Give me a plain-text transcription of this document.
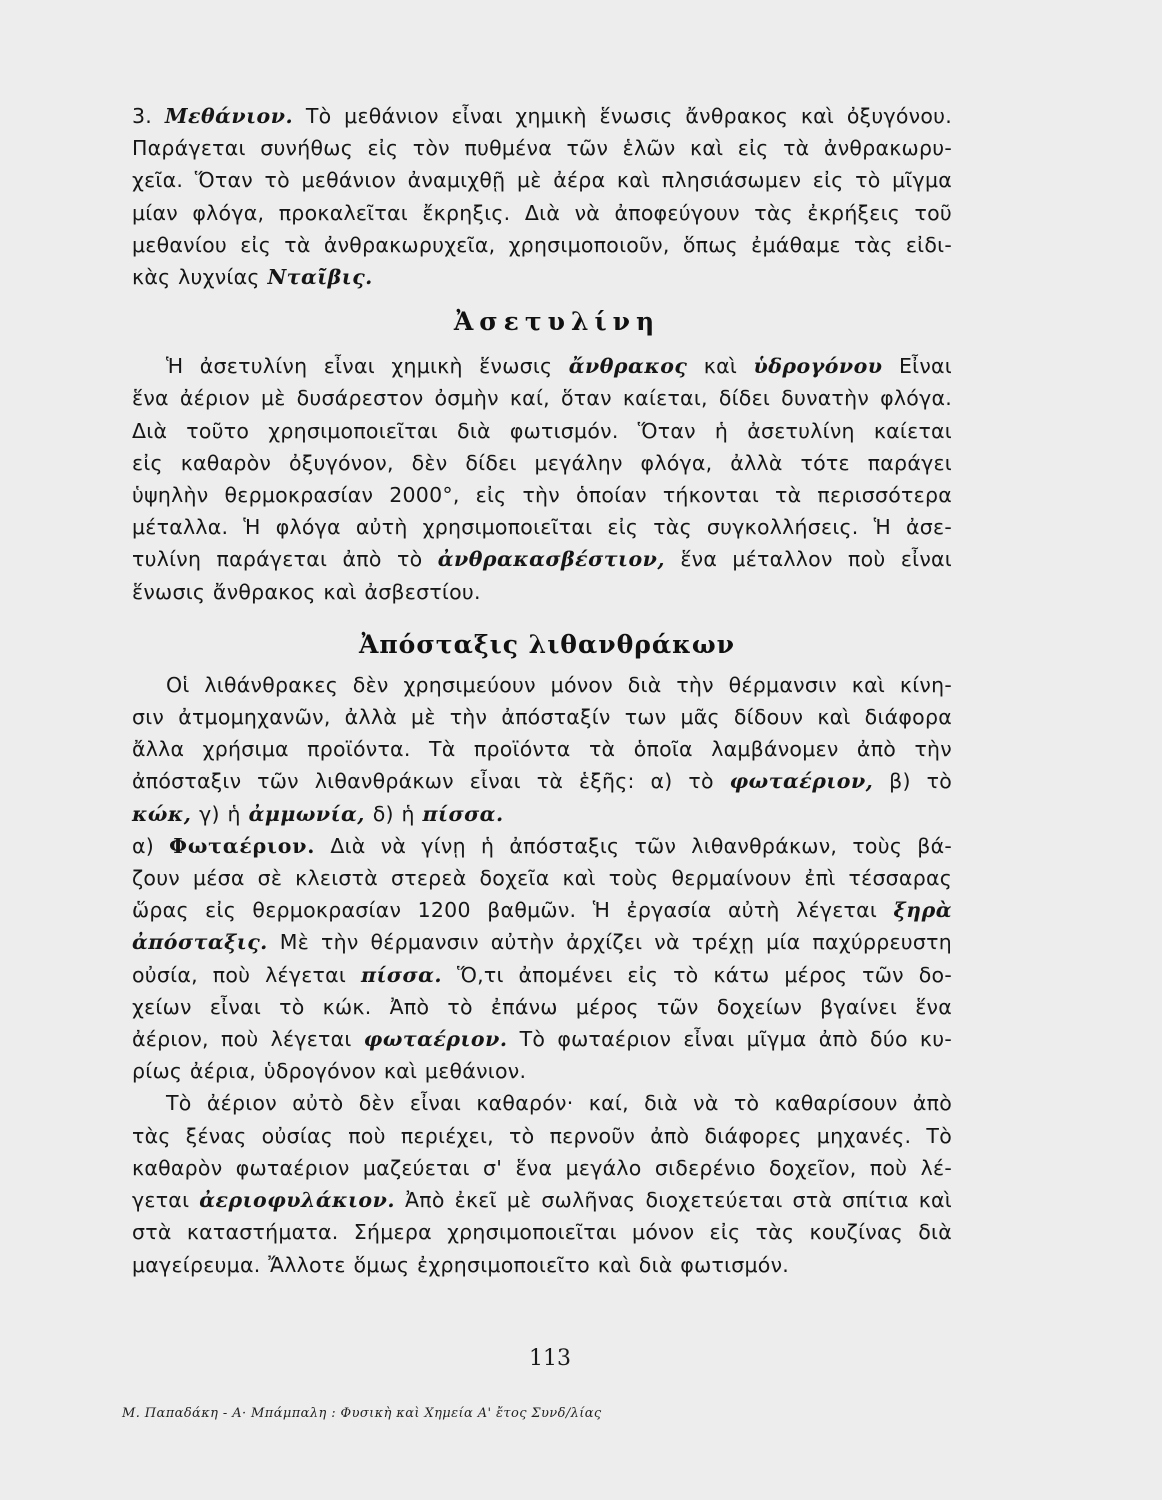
3. Μεθάνιον. Τὸ μεθάνιον εἶναι χημικὴ ἕνωσις ἄνθρακος καὶ ὀξυγόνου.
Παράγεται συνήθως εἰς τὸν πυθμένα τῶν ἑλῶν καὶ εἰς τὰ ἀνθρακωρυ-
χεῖα. Ὅταν τὸ μεθάνιον ἀναμιχθῇ μὲ ἀέρα καὶ πλησιάσωμεν εἰς τὸ μῖγμα
μίαν φλόγα, προκαλεῖται ἔκρηξις. Διὰ νὰ ἀποφεύγουν τὰς ἐκρήξεις τοῦ
μεθανίου εἰς τὰ ἀνθρακωρυχεῖα, χρησιμοποιοῦν, ὅπως ἐμάθαμε τὰς εἰδι-
κὰς λυχνίας Νταῖβις.
Ἀσετυλίνη
Ἡ ἀσετυλίνη εἶναι χημικὴ ἕνωσις ἄνθρακος καὶ ὑδρογόνου Εἶναι
ἕνα ἀέριον μὲ δυσάρεστον ὀσμὴν καί, ὅταν καίεται, δίδει δυνατὴν φλόγα.
Διὰ τοῦτο χρησιμοποιεῖται διὰ φωτισμόν. Ὅταν ἡ ἀσετυλίνη καίεται
εἰς καθαρὸν ὀξυγόνον, δὲν δίδει μεγάλην φλόγα, ἀλλὰ τότε παράγει
ὑψηλὴν θερμοκρασίαν 2000°, εἰς τὴν ὁποίαν τήκονται τὰ περισσότερα
μέταλλα. Ἡ φλόγα αὐτὴ χρησιμοποιεῖται εἰς τὰς συγκολλήσεις. Ἡ ἀσε-
τυλίνη παράγεται ἀπὸ τὸ ἀνθρακασβέστιον, ἕνα μέταλλον ποὺ εἶναι
ἕνωσις ἄνθρακος καὶ ἀσβεστίου.
Ἀπόσταξις λιθανθράκων
Οἱ λιθάνθρακες δὲν χρησιμεύουν μόνον διὰ τὴν θέρμανσιν καὶ κίνη-
σιν ἀτμομηχανῶν, ἀλλὰ μὲ τὴν ἀπόσταξίν των μᾶς δίδουν καὶ διάφορα
ἄλλα χρήσιμα προϊόντα. Τὰ προϊόντα τὰ ὁποῖα λαμβάνομεν ἀπὸ τὴν
ἀπόσταξιν τῶν λιθανθράκων εἶναι τὰ ἑξῆς: α) τὸ φωταέριον, β) τὸ
κώκ, γ) ἡ ἀμμωνία, δ) ἡ πίσσα.
α) Φωταέριον. Διὰ νὰ γίνῃ ἡ ἀπόσταξις τῶν λιθανθράκων, τοὺς βά-
ζουν μέσα σὲ κλειστὰ στερεὰ δοχεῖα καὶ τοὺς θερμαίνουν ἐπὶ τέσσαρας
ὥρας εἰς θερμοκρασίαν 1200 βαθμῶν. Ἡ ἐργασία αὐτὴ λέγεται ξηρὰ
ἀπόσταξις. Μὲ τὴν θέρμανσιν αὐτὴν ἀρχίζει νὰ τρέχῃ μία παχύρρευστη
οὐσία, ποὺ λέγεται πίσσα. Ὅ,τι ἀπομένει εἰς τὸ κάτω μέρος τῶν δο-
χείων εἶναι τὸ κώκ. Ἀπὸ τὸ ἐπάνω μέρος τῶν δοχείων βγαίνει ἕνα
ἀέριον, ποὺ λέγεται φωταέριον. Τὸ φωταέριον εἶναι μῖγμα ἀπὸ δύο κυ-
ρίως ἀέρια, ὑδρογόνον καὶ μεθάνιον.
Τὸ ἀέριον αὐτὸ δὲν εἶναι καθαρόν· καί, διὰ νὰ τὸ καθαρίσουν ἀπὸ
τὰς ξένας οὐσίας ποὺ περιέχει, τὸ περνοῦν ἀπὸ διάφορες μηχανές. Τὸ
καθαρὸν φωταέριον μαζεύεται σ' ἕνα μεγάλο σιδερένιο δοχεῖον, ποὺ λέ-
γεται ἀεριοφυλάκιον. Ἀπὸ ἐκεῖ μὲ σωλῆνας διοχετεύεται στὰ σπίτια καὶ
στὰ καταστήματα. Σήμερα χρησιμοποιεῖται μόνον εἰς τὰς κουζίνας διὰ
μαγείρευμα. Ἄλλοτε ὅμως ἐχρησιμοποιεῖτο καὶ διὰ φωτισμόν.
113
Μ. Παπαδάκη - Α· Μπάμπαλη : Φυσικὴ καὶ Χημεία Α' ἔτος Συνδ/λίας
